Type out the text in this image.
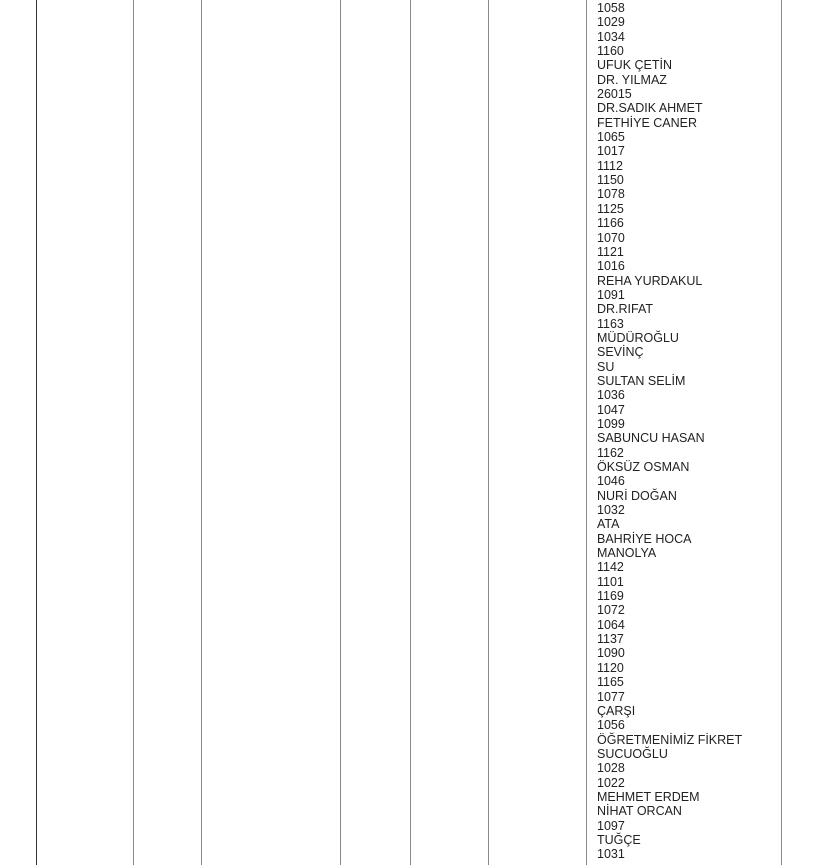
1058
1029
1034
1160
UFUK ÇETİN
DR. YILMAZ
26015
DR.SADIK AHMET
FETHİYE CANER
1065
1017
1112
1150
1078
1125
1166
1070
1121
1016
REHA YURDAKUL
1091
DR.RIFAT
1163
MÜDÜROĞLU
SEVİNÇ
SU
SULTAN SELİM
1036
1047
1099
SABUNCU HASAN
1162
ÖKSÜZ OSMAN
1046
NURİ DOĞAN
1032
ATA
BAHRİYE HOCA
MANOLYA
1142
1101
1169
1072
1064
1137
1090
1120
1165
1077
ÇARŞI
1056
ÖĞRETMENİMİZ FİKRET
SUCUOĞLU
1028
1022
MEHMET ERDEM
NİHAT ORCAN
1097
TUĞÇE
1031
